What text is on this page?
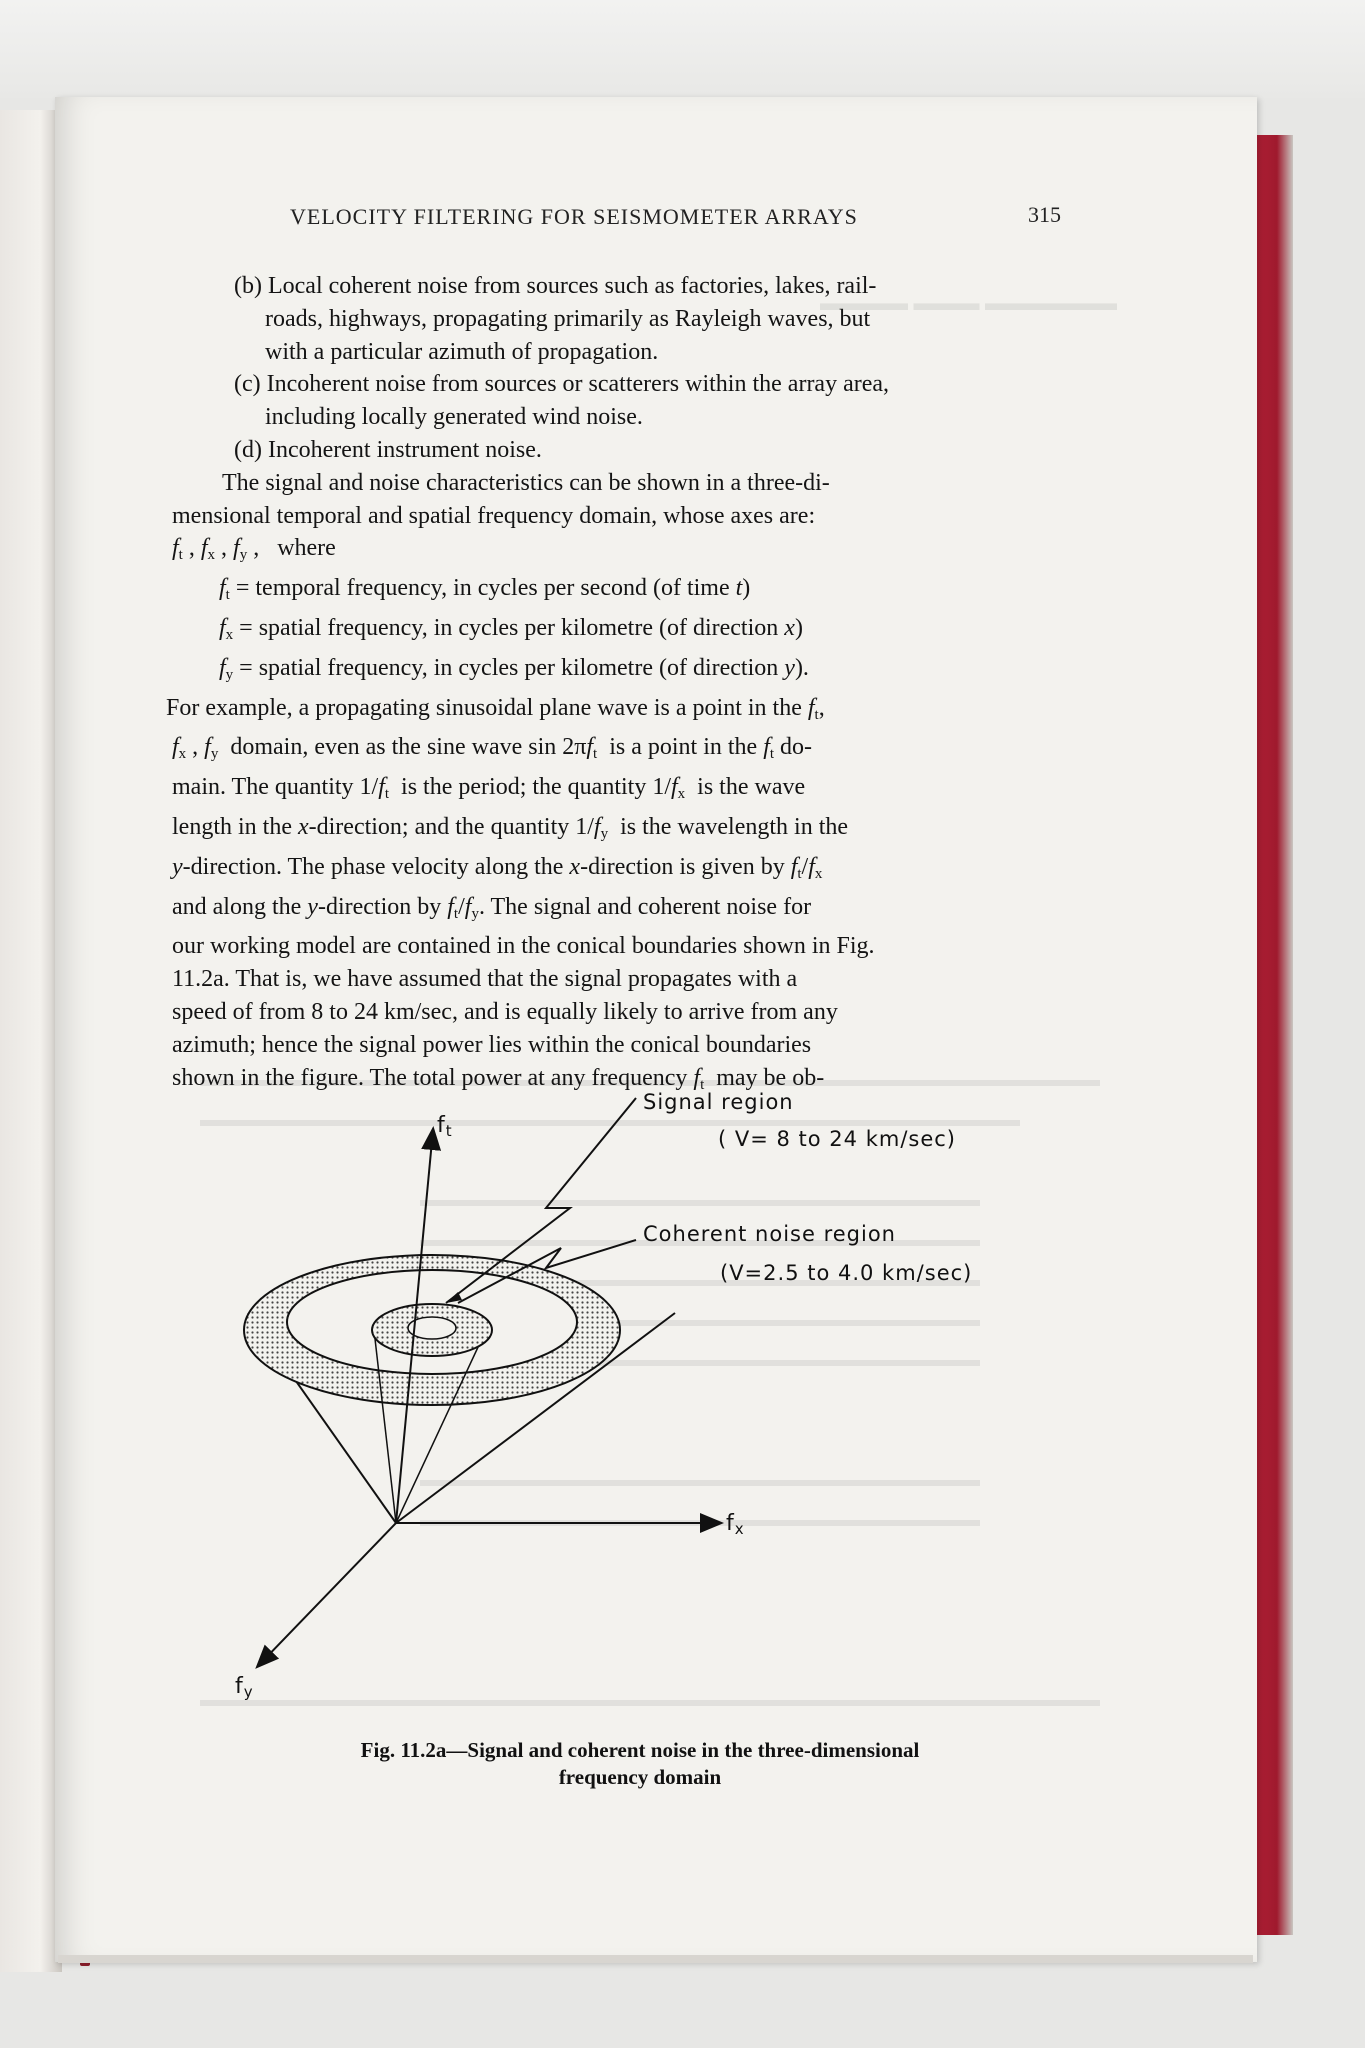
▬▬▬▬▬▬ ▬▬▬ ▬▬▬▬
VELOCITY FILTERING FOR SEISMOMETER ARRAYS	315

(b) Local coherent noise from sources such as factories, lakes, rail-
roads, highways, propagating primarily as Rayleigh waves, but
with a particular azimuth of propagation.

(c) Incoherent noise from sources or scatterers within the array area,
including locally generated wind noise.

(d) Incoherent instrument noise.

The signal and noise characteristics can be shown in a three-di-

mensional temporal and spatial frequency domain, whose axes are:

$f_t$ , $f_x$ , $f_y$ ,   where

$f_t$ = temporal frequency, in cycles per second (of time t)

$f_x$ = spatial frequency, in cycles per kilometre (of direction x)

$f_y$ = spatial frequency, in cycles per kilometre (of direction y).

For example, a propagating sinusoidal plane wave is a point in the $f_t$,

$f_x$ , $f_y$ domain, even as the sine wave $\sin 2\pi f_t$ is a point in the $f_t$ do-

main. The quantity $1/f_t$ is the period; the quantity $1/f_x$ is the wave

length in the x-direction; and the quantity $1/f_y$ is the wavelength in the

y-direction. The phase velocity along the x-direction is given by $f_t/f_x$

and along the y-direction by $f_t/f_y$. The signal and coherent noise for

our working model are contained in the conical boundaries shown in Fig.

11.2a. That is, we have assumed that the signal propagates with a

speed of from 8 to 24 km/sec, and is equally likely to arrive from any

azimuth; hence the signal power lies within the conical boundaries

shown in the figure. The total power at any frequency $f_t$ may be ob-

$f_t$
$f_x$
$f_y$
Signal region
( V= 8 to 24 km/sec)
Coherent noise region
(V=2.5 to 4.0 km/sec)
Fig. 11.2a—Signal and coherent noise in the three-dimensional
frequency domain
